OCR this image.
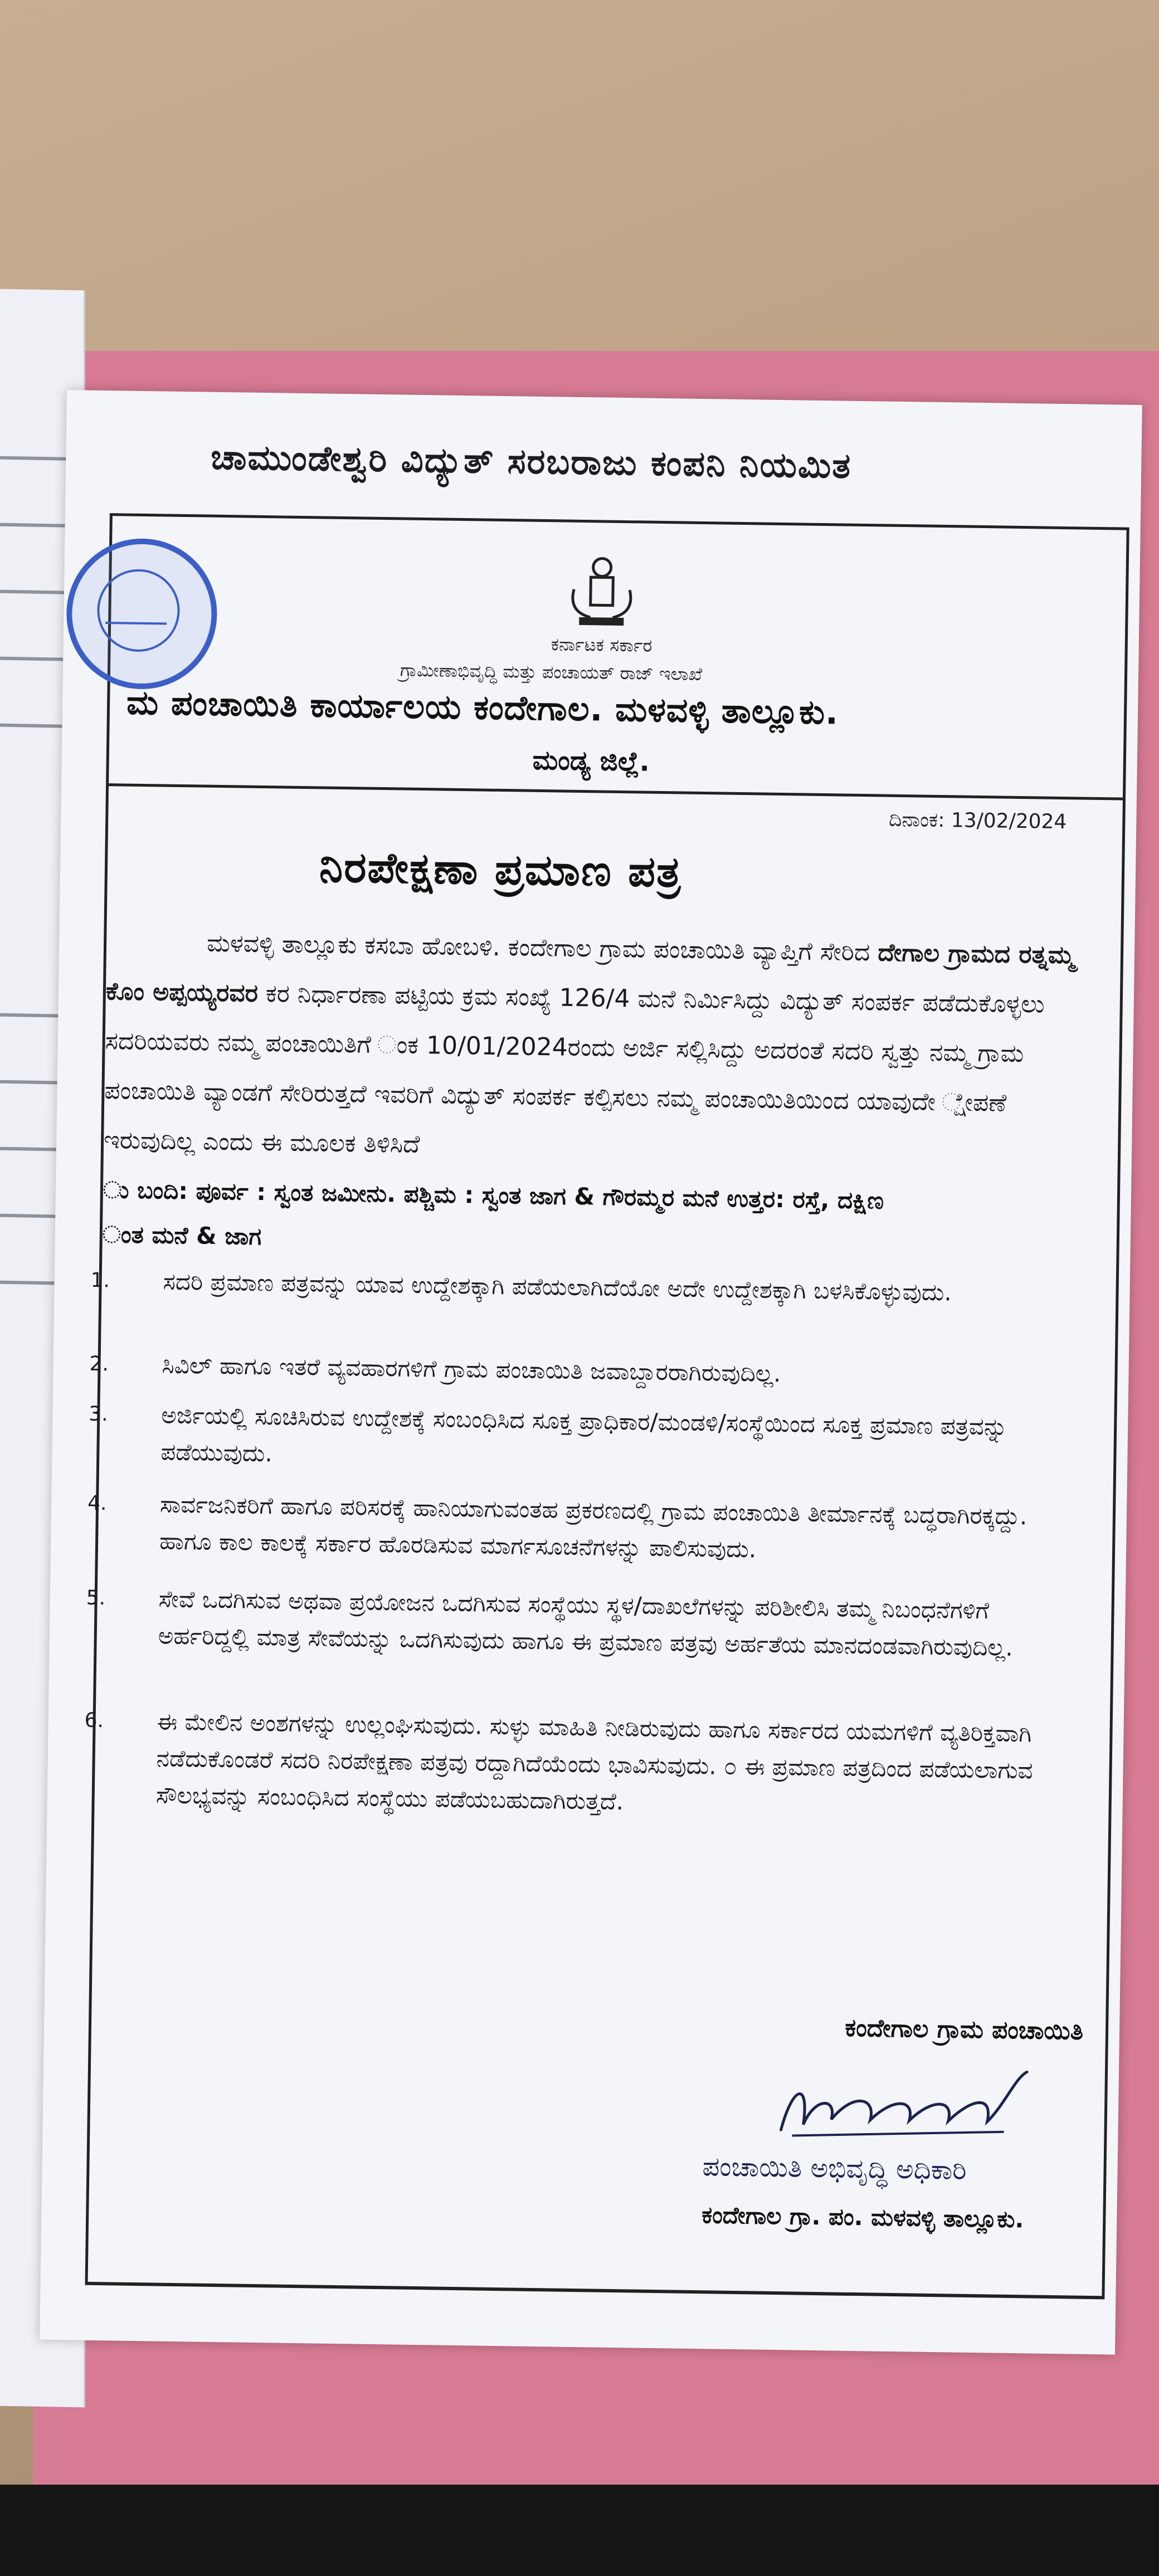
ಚಾಮುಂಡೇಶ್ವರಿ ವಿದ್ಯುತ್ ಸರಬರಾಜು ಕಂಪನಿ ನಿಯಮಿತ
ಕರ್ನಾಟಕ ಸರ್ಕಾರ
ಗ್ರಾಮೀಣಾಭಿವೃದ್ಧಿ ಮತ್ತು ಪಂಚಾಯತ್ ರಾಜ್ ಇಲಾಖೆ
ಮ ಪಂಚಾಯಿತಿ ಕಾರ್ಯಾಲಯ ಕಂದೇಗಾಲ. ಮಳವಳ್ಳಿ ತಾಲ್ಲೂಕು.
ಮಂಡ್ಯ ಜಿಲ್ಲೆ.
ದಿನಾಂಕ: 13/02/2024
ನಿರಪೇಕ್ಷಣಾ ಪ್ರಮಾಣ ಪತ್ರ
ಮಳವಳ್ಳಿ ತಾಲ್ಲೂಕು ಕಸಬಾ ಹೋಬಳಿ. ಕಂದೇಗಾಲ ಗ್ರಾಮ ಪಂಚಾಯಿತಿ ವ್ಯಾಪ್ತಿಗೆ ಸೇರಿದ ದೇಗಾಲ ಗ್ರಾಮದ ರತ್ನಮ್ಮ ಕೊಂ ಅಪ್ಪಯ್ಯರವರ ಕರ ನಿರ್ಧಾರಣಾ ಪಟ್ಟಿಯ ಕ್ರಮ ಸಂಖ್ಯೆ 126/4 ಮನೆ ನಿರ್ಮಿಸಿದ್ದು ವಿದ್ಯುತ್ ಸಂಪರ್ಕ ಪಡೆದುಕೊಳ್ಳಲು ಸದರಿಯವರು ನಮ್ಮ ಪಂಚಾಯಿತಿಗೆ ಂಕ 10/01/2024ರಂದು ಅರ್ಜಿ ಸಲ್ಲಿಸಿದ್ದು ಅದರಂತೆ ಸದರಿ ಸ್ವತ್ತು ನಮ್ಮ ಗ್ರಾಮ ಪಂಚಾಯಿತಿ ವ್ಯಾಂಡಗೆ ಸೇರಿರುತ್ತದೆ ಇವರಿಗೆ ವಿದ್ಯುತ್ ಸಂಪರ್ಕ ಕಲ್ಪಿಸಲು ನಮ್ಮ ಪಂಚಾಯಿತಿಯಿಂದ ಯಾವುದೇ ್ಷೇಪಣೆ ಇರುವುದಿಲ್ಲ ಎಂದು ಈ ಮೂಲಕ ತಿಳಿಸಿದೆ
ು ಬಂದಿ: ಪೂರ್ವ : ಸ್ವಂತ ಜಮೀನು. ಪಶ್ಚಿಮ : ಸ್ವಂತ ಜಾಗ & ಗೌರಮ್ಮರ ಮನೆ ಉತ್ತರ: ರಸ್ತೆ, ದಕ್ಷಿಣ
ಂತ ಮನೆ & ಜಾಗ
1. ಸದರಿ ಪ್ರಮಾಣ ಪತ್ರವನ್ನು ಯಾವ ಉದ್ದೇಶಕ್ಕಾಗಿ ಪಡೆಯಲಾಗಿದೆಯೋ ಅದೇ ಉದ್ದೇಶಕ್ಕಾಗಿ ಬಳಸಿಕೊಳ್ಳುವುದು.
2. ಸಿವಿಲ್ ಹಾಗೂ ಇತರೆ ವ್ಯವಹಾರಗಳಿಗೆ ಗ್ರಾಮ ಪಂಚಾಯಿತಿ ಜವಾಬ್ದಾರರಾಗಿರುವುದಿಲ್ಲ.
3. ಅರ್ಜಿಯಲ್ಲಿ ಸೂಚಿಸಿರುವ ಉದ್ದೇಶಕ್ಕೆ ಸಂಬಂಧಿಸಿದ ಸೂಕ್ತ ಪ್ರಾಧಿಕಾರ/ಮಂಡಳಿ/ಸಂಸ್ಥೆಯಿಂದ ಸೂಕ್ತ ಪ್ರಮಾಣ ಪತ್ರವನ್ನು ಪಡೆಯುವುದು.
4. ಸಾರ್ವಜನಿಕರಿಗೆ ಹಾಗೂ ಪರಿಸರಕ್ಕೆ ಹಾನಿಯಾಗುವಂತಹ ಪ್ರಕರಣದಲ್ಲಿ ಗ್ರಾಮ ಪಂಚಾಯಿತಿ ತೀರ್ಮಾನಕ್ಕೆ ಬದ್ಧರಾಗಿರಕ್ಕದ್ದು. ಹಾಗೂ ಕಾಲ ಕಾಲಕ್ಕೆ ಸರ್ಕಾರ ಹೊರಡಿಸುವ ಮಾರ್ಗಸೂಚನೆಗಳನ್ನು ಪಾಲಿಸುವುದು.
5. ಸೇವೆ ಒದಗಿಸುವ ಅಥವಾ ಪ್ರಯೋಜನ ಒದಗಿಸುವ ಸಂಸ್ಥೆಯು ಸ್ಥಳ/ದಾಖಲೆಗಳನ್ನು ಪರಿಶೀಲಿಸಿ ತಮ್ಮ ನಿಬಂಧನೆಗಳಿಗೆ ಅರ್ಹರಿದ್ದಲ್ಲಿ ಮಾತ್ರ ಸೇವೆಯನ್ನು ಒದಗಿಸುವುದು ಹಾಗೂ ಈ ಪ್ರಮಾಣ ಪತ್ರವು ಅರ್ಹತೆಯ ಮಾನದಂಡವಾಗಿರುವುದಿಲ್ಲ.
6. ಈ ಮೇಲಿನ ಅಂಶಗಳನ್ನು ಉಲ್ಲಂಘಿಸುವುದು. ಸುಳ್ಳು ಮಾಹಿತಿ ನೀಡಿರುವುದು ಹಾಗೂ ಸರ್ಕಾರದ ಯಮಗಳಿಗೆ ವ್ಯತಿರಿಕ್ತವಾಗಿ ನಡೆದುಕೊಂಡರೆ ಸದರಿ ನಿರಪೇಕ್ಷಣಾ ಪತ್ರವು ರದ್ದಾಗಿದೆಯೆಂದು ಭಾವಿಸುವುದು. ೦ ಈ ಪ್ರಮಾಣ ಪತ್ರದಿಂದ ಪಡೆಯಲಾಗುವ ಸೌಲಭ್ಯವನ್ನು ಸಂಬಂಧಿಸಿದ ಸಂಸ್ಥೆಯು ಪಡೆಯಬಹುದಾಗಿರುತ್ತದೆ.
ಕಂದೇಗಾಲ ಗ್ರಾಮ ಪಂಚಾಯಿತಿ
ಪಂಚಾಯಿತಿ ಅಭಿವೃದ್ಧಿ ಅಧಿಕಾರಿ
ಕಂದೇಗಾಲ ಗ್ರಾ. ಪಂ. ಮಳವಳ್ಳಿ ತಾಲ್ಲೂಕು.
